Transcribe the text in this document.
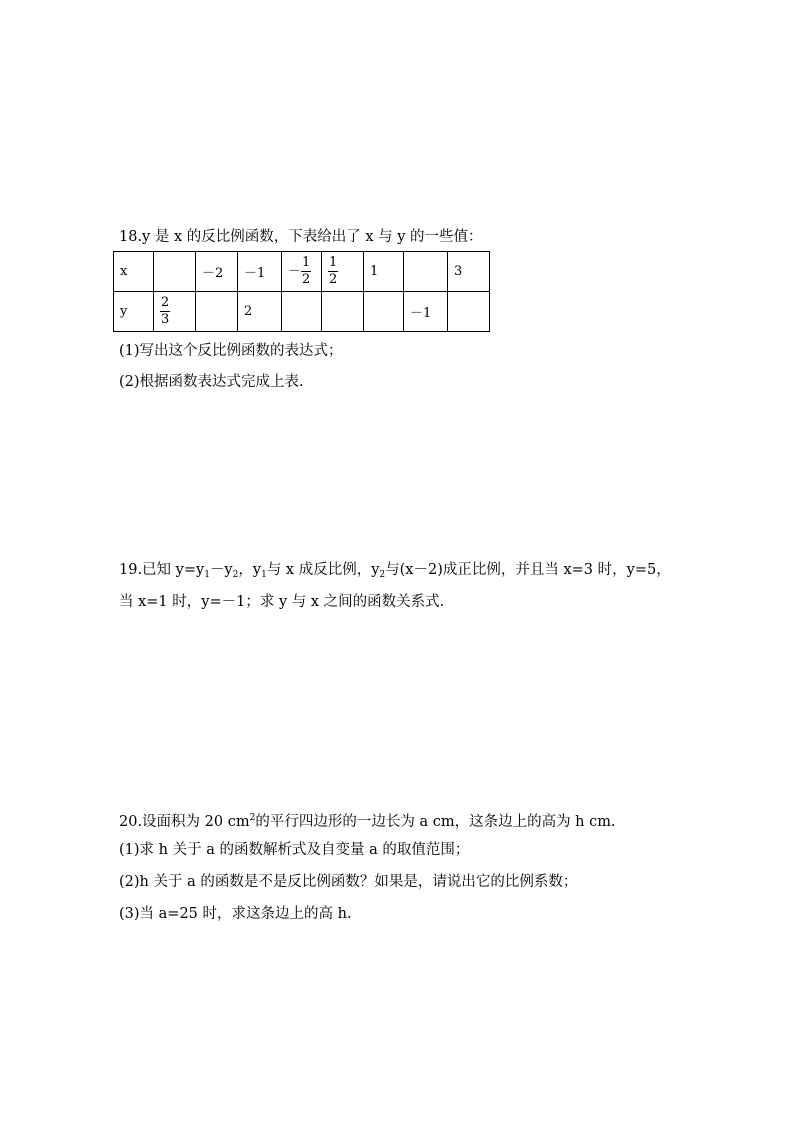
18.y 是 x 的反比例函数，下表给出了 x 与 y 的一些值：
x		－2	－1	－ $\frac{1}{2}$	$\frac{1}{2}$	1		3
y	$\frac{2}{3}$		2				－1	
(1)写出这个反比例函数的表达式；
(2)根据函数表达式完成上表.
19.已知 $y=y_1-y_2$，$y_1$与 x 成反比例，$y_2$与(x－2)成正比例，并且当 x=3 时，y=5，
当 x=1 时，y=－1；求 y 与 x 之间的函数关系式.
20.设面积为 20 $cm^2$的平行四边形的一边长为 a cm，这条边上的高为 h cm.
(1)求 h 关于 a 的函数解析式及自变量 a 的取值范围；
(2)h 关于 a 的函数是不是反比例函数？如果是，请说出它的比例系数；
(3)当 a=25 时，求这条边上的高 h.
